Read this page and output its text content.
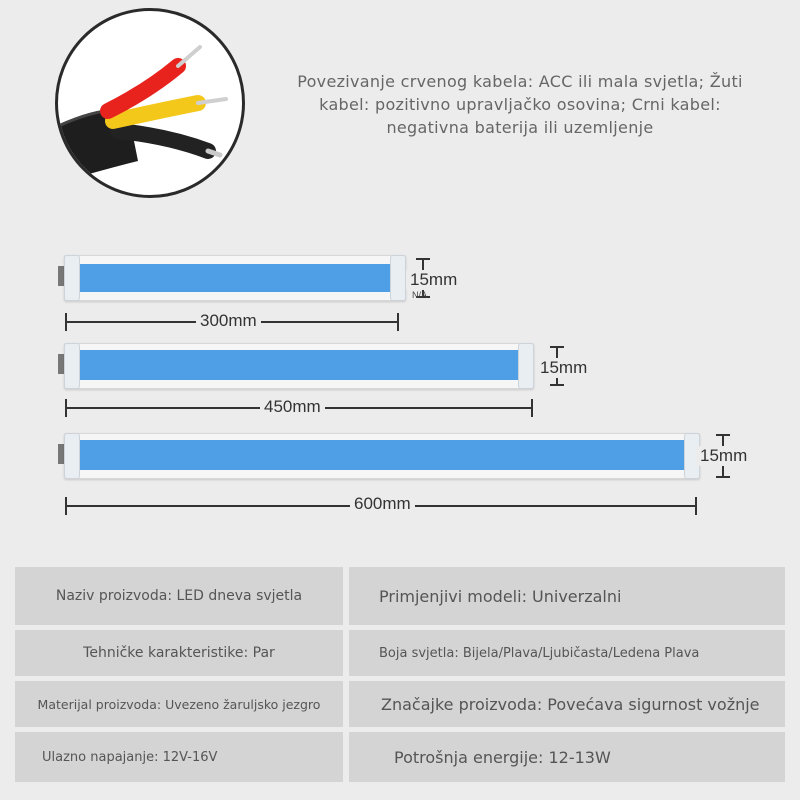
Povezivanje crvenog kabela: ACC ili mala svjetla; Žuti kabel: pozitivno upravljačko osovina; Crni kabel: negativna baterija ili uzemljenje
15mm
N/A
300mm
15mm
450mm
15mm
600mm
Naziv proizvoda: LED dneva svjetla	Primjenjivi modeli: Univerzalni
Tehničke karakteristike: Par	Boja svjetla: Bijela/Plava/Ljubičasta/Ledena Plava
Materijal proizvoda: Uvezeno žaruljsko jezgro	Značajke proizvoda: Povećava sigurnost vožnje
Ulazno napajanje: 12V-16V	Potrošnja energije: 12-13W
